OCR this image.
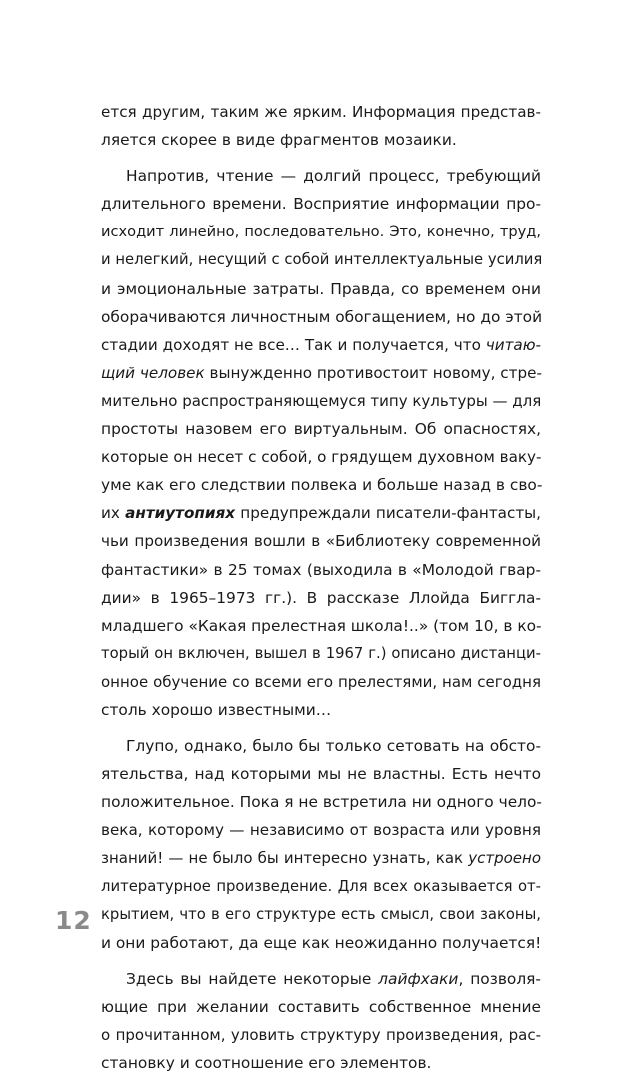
ется другим, таким же ярким. Информация представ-
ляется скорее в виде фрагментов мозаики.
Напротив, чтение — долгий процесс, требующий
длительного времени. Восприятие информации про-
исходит линейно, последовательно. Это, конечно, труд,
и нелегкий, несущий с собой интеллектуальные усилия
и эмоциональные затраты. Правда, со временем они
оборачиваются личностным обогащением, но до этой
стадии доходят не все… Так и получается, что читаю-
щий человек вынужденно противостоит новому, стре-
мительно распространяющемуся типу культуры — для
простоты назовем его виртуальным. Об опасностях,
которые он несет с собой, о грядущем духовном ваку-
уме как его следствии полвека и больше назад в сво-
их антиутопиях предупреждали писатели-фантасты,
чьи произведения вошли в «Библиотеку современной
фантастики» в 25 томах (выходила в «Молодой гвар-
дии» в 1965–1973 гг.). В рассказе Ллойда Биггла-
младшего «Какая прелестная школа!..» (том 10, в ко-
торый он включен, вышел в 1967 г.) описано дистанци-
онное обучение со всеми его прелестями, нам сегодня
столь хорошо известными…
Глупо, однако, было бы только сетовать на обсто-
ятельства, над которыми мы не властны. Есть нечто
положительное. Пока я не встретила ни одного чело-
века, которому — независимо от возраста или уровня
знаний! — не было бы интересно узнать, как устроено
литературное произведение. Для всех оказывается от-
крытием, что в его структуре есть смысл, свои законы,
и они работают, да еще как неожиданно получается!
Здесь вы найдете некоторые лайфхаки, позволя-
ющие при желании составить собственное мнение
о прочитанном, уловить структуру произведения, рас-
становку и соотношение его элементов.
12
